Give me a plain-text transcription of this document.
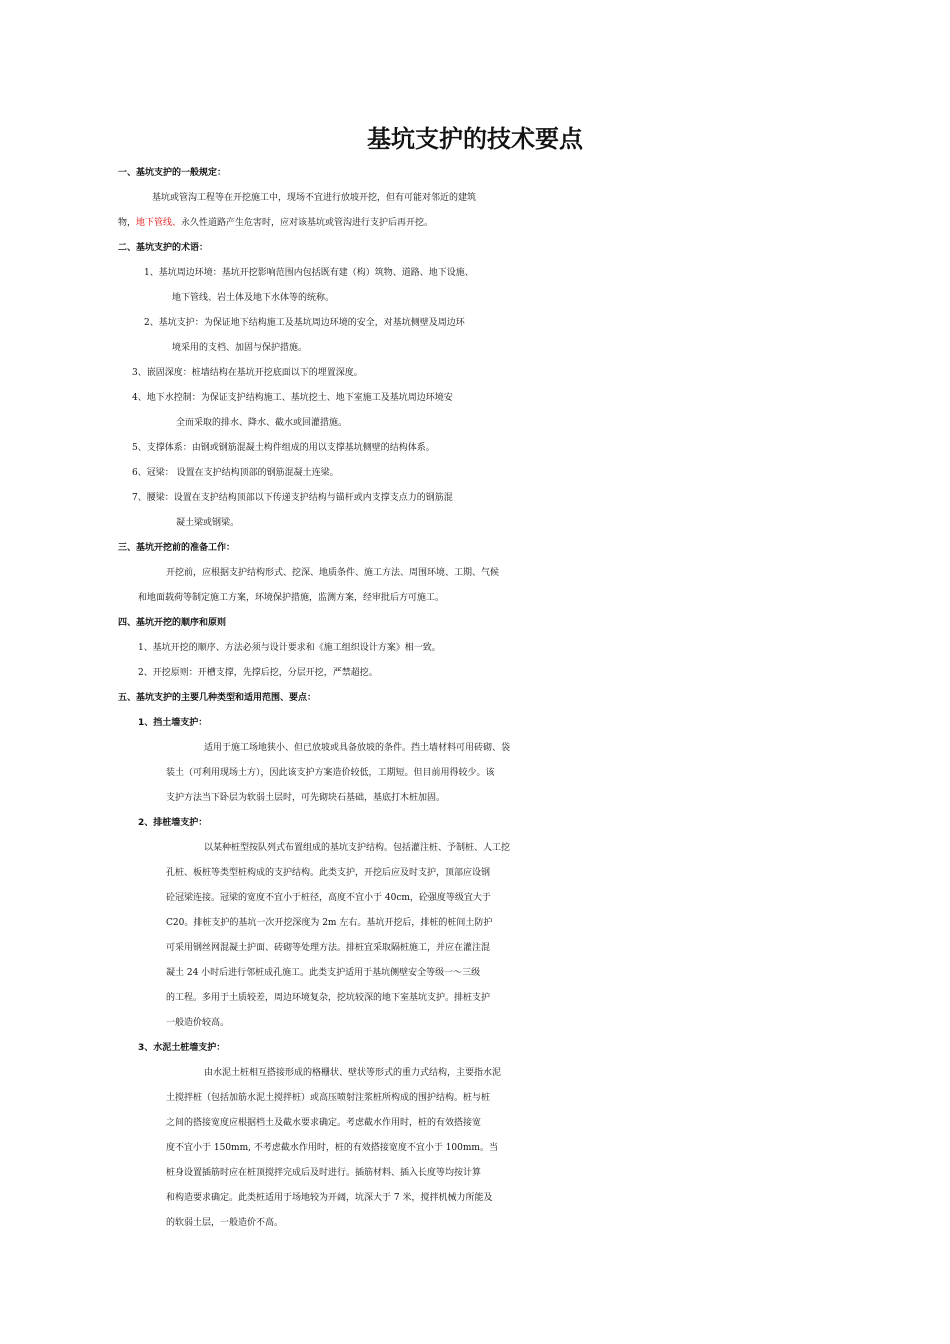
基坑支护的技术要点
一、基坑支护的一般规定：
基坑或管沟工程等在开挖施工中，现场不宜进行放坡开挖，但有可能对邻近的建筑
物，地下管线、永久性道路产生危害时，应对该基坑或管沟进行支护后再开挖。
二、基坑支护的术语：
1、基坑周边环境：基坑开挖影响范围内包括既有建（构）筑物、道路、地下设施、
地下管线、岩土体及地下水体等的统称。
2、基坑支护：为保证地下结构施工及基坑周边环境的安全，对基坑侧壁及周边环
境采用的支档、加固与保护措施。
3、嵌固深度：桩墙结构在基坑开挖底面以下的埋置深度。
4、地下水控制：为保证支护结构施工、基坑挖土、地下室施工及基坑周边环境安
全而采取的排水、降水、截水或回灌措施。
5、支撑体系：由钢或钢筋混凝土构件组成的用以支撑基坑侧壁的结构体系。
6、冠梁： 设置在支护结构顶部的钢筋混凝土连梁。
7、腰梁：设置在支护结构顶部以下传递支护结构与锚杆或内支撑支点力的钢筋混
凝土梁或钢梁。
三、基坑开挖前的准备工作：
开挖前，应根据支护结构形式、挖深、地质条件、施工方法、周围环境、工期、气候
和地面载荷等制定施工方案，环境保护措施，监测方案，经审批后方可施工。
四、基坑开挖的顺序和原则
1、基坑开挖的顺序、方法必须与设计要求和《施工组织设计方案》相一致。
2、开挖原则：开槽支撑，先撑后挖，分层开挖，严禁超挖。
五、基坑支护的主要几种类型和适用范围、要点：
1、挡土墙支护：
适用于施工场地狭小、但已放坡或具备放坡的条件。挡土墙材料可用砖砌、袋
装土（可利用现场土方），因此该支护方案造价较低，工期短。但目前用得较少。该
支护方法当下卧层为软弱土层时，可先砌块石基础，基底打木桩加固。
2、排桩墙支护：
以某种桩型按队列式布置组成的基坑支护结构。包括灌注桩、予制桩、人工挖
孔桩、板桩等类型桩构成的支护结构。此类支护，开挖后应及时支护，顶部应设钢
砼冠梁连接。冠梁的宽度不宜小于桩径，高度不宜小于 40cm，砼强度等级宜大于
C20。排桩支护的基坑一次开挖深度为 2m 左右。基坑开挖后，排桩的桩间土防护
可采用钢丝网混凝土护面、砖砌等处理方法。排桩宜采取隔桩施工，并应在灌注混
凝土 24 小时后进行邻桩成孔施工。此类支护适用于基坑侧壁安全等级一～三级
的工程。多用于土质较差，周边环境复杂，挖坑较深的地下室基坑支护。排桩支护
一般造价较高。
3、水泥土桩墙支护：
由水泥土桩相互搭接形成的格栅状、壁状等形式的重力式结构，主要指水泥
土搅拌桩（包括加筋水泥土搅拌桩）或高压喷射注浆桩所构成的围护结构。桩与桩
之间的搭接宽度应根据档土及截水要求确定。考虑截水作用时，桩的有效搭接宽
度不宜小于 150mm, 不考虑截水作用时，桩的有效搭接宽度不宜小于 100mm。当
桩身设置插筋时应在桩顶搅拌完成后及时进行。插筋材料、插入长度等均按计算
和构造要求确定。此类桩适用于场地较为开阔，坑深大于 7 米，搅拌机械力所能及
的软弱土层，一般造价不高。
